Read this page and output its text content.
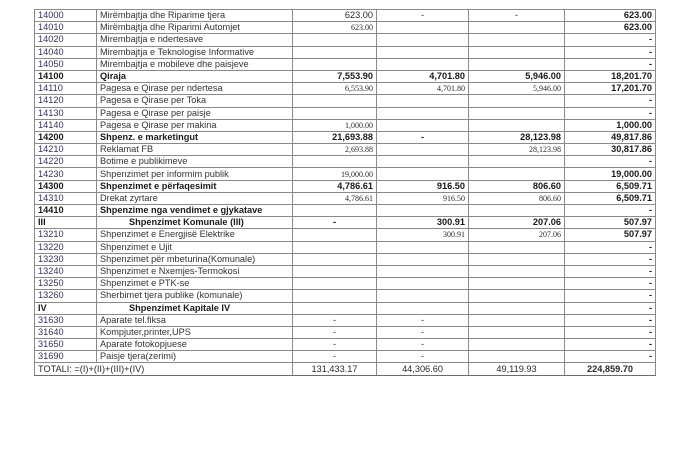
14000	Mirëmbajtja dhe Riparime tjera	623.00	-	-	623.00
14010	Mirëmbajtja dhe Riparimi Automjet	623.00			623.00
14020	Mirembajtja e ndertesave				-
14040	Mirembajtja e Teknologise Informative				-
14050	Mirembajtja e mobileve dhe paisjeve				-
14100	Qiraja	7,553.90	4,701.80	5,946.00	18,201.70
14110	Pagesa e Qirase per ndertesa	6,553.90	4,701.80	5,946.00	17,201.70
14120	Pagesa e Qirase per Toka				-
14130	Pagesa e Qirase per paisje				-
14140	Pagesa e Qirase per makina	1,000.00			1,000.00
14200	Shpenz. e marketingut	21,693.88	-	28,123.98	49,817.86
14210	Reklamat FB	2,693.88		28,123.98	30,817.86
14220	Botime e publikimeve				-
14230	Shpenzimet per informim publik	19,000.00			19,000.00
14300	Shpenzimet e përfaqesimit	4,786.61	916.50	806.60	6,509.71
14310	Drekat zyrtare	4,786.61	916.50	806.60	6,509.71
14410	Shpenzime nga vendimet e gjykatave				-
III	Shpenzimet Komunale (III)	-	300.91	207.06	507.97
13210	Shpenzimet e Energjisë Elektrike		300.91	207.06	507.97
13220	Shpenzimet e Ujit				-
13230	Shpenzimet për mbeturina(Komunale)				-
13240	Shpenzimet e Nxemjes-Termokosi				-
13250	Shpenzimet e PTK-se				-
13260	Sherbimet tjera publike (komunale)				-
IV	Shpenzimet Kapitale IV				-
31630	Aparate tel.fiksa	-	-		-
31640	Kompjuter,printer,UPS	-	-		-
31650	Aparate fotokopjuese	-	-		-
31690	Paisje tjera(zerimi)	-	-		-
TOTALI: =(I)+(II)+(III)+(IV)		131,433.17	44,306.60	49,119.93	224,859.70
